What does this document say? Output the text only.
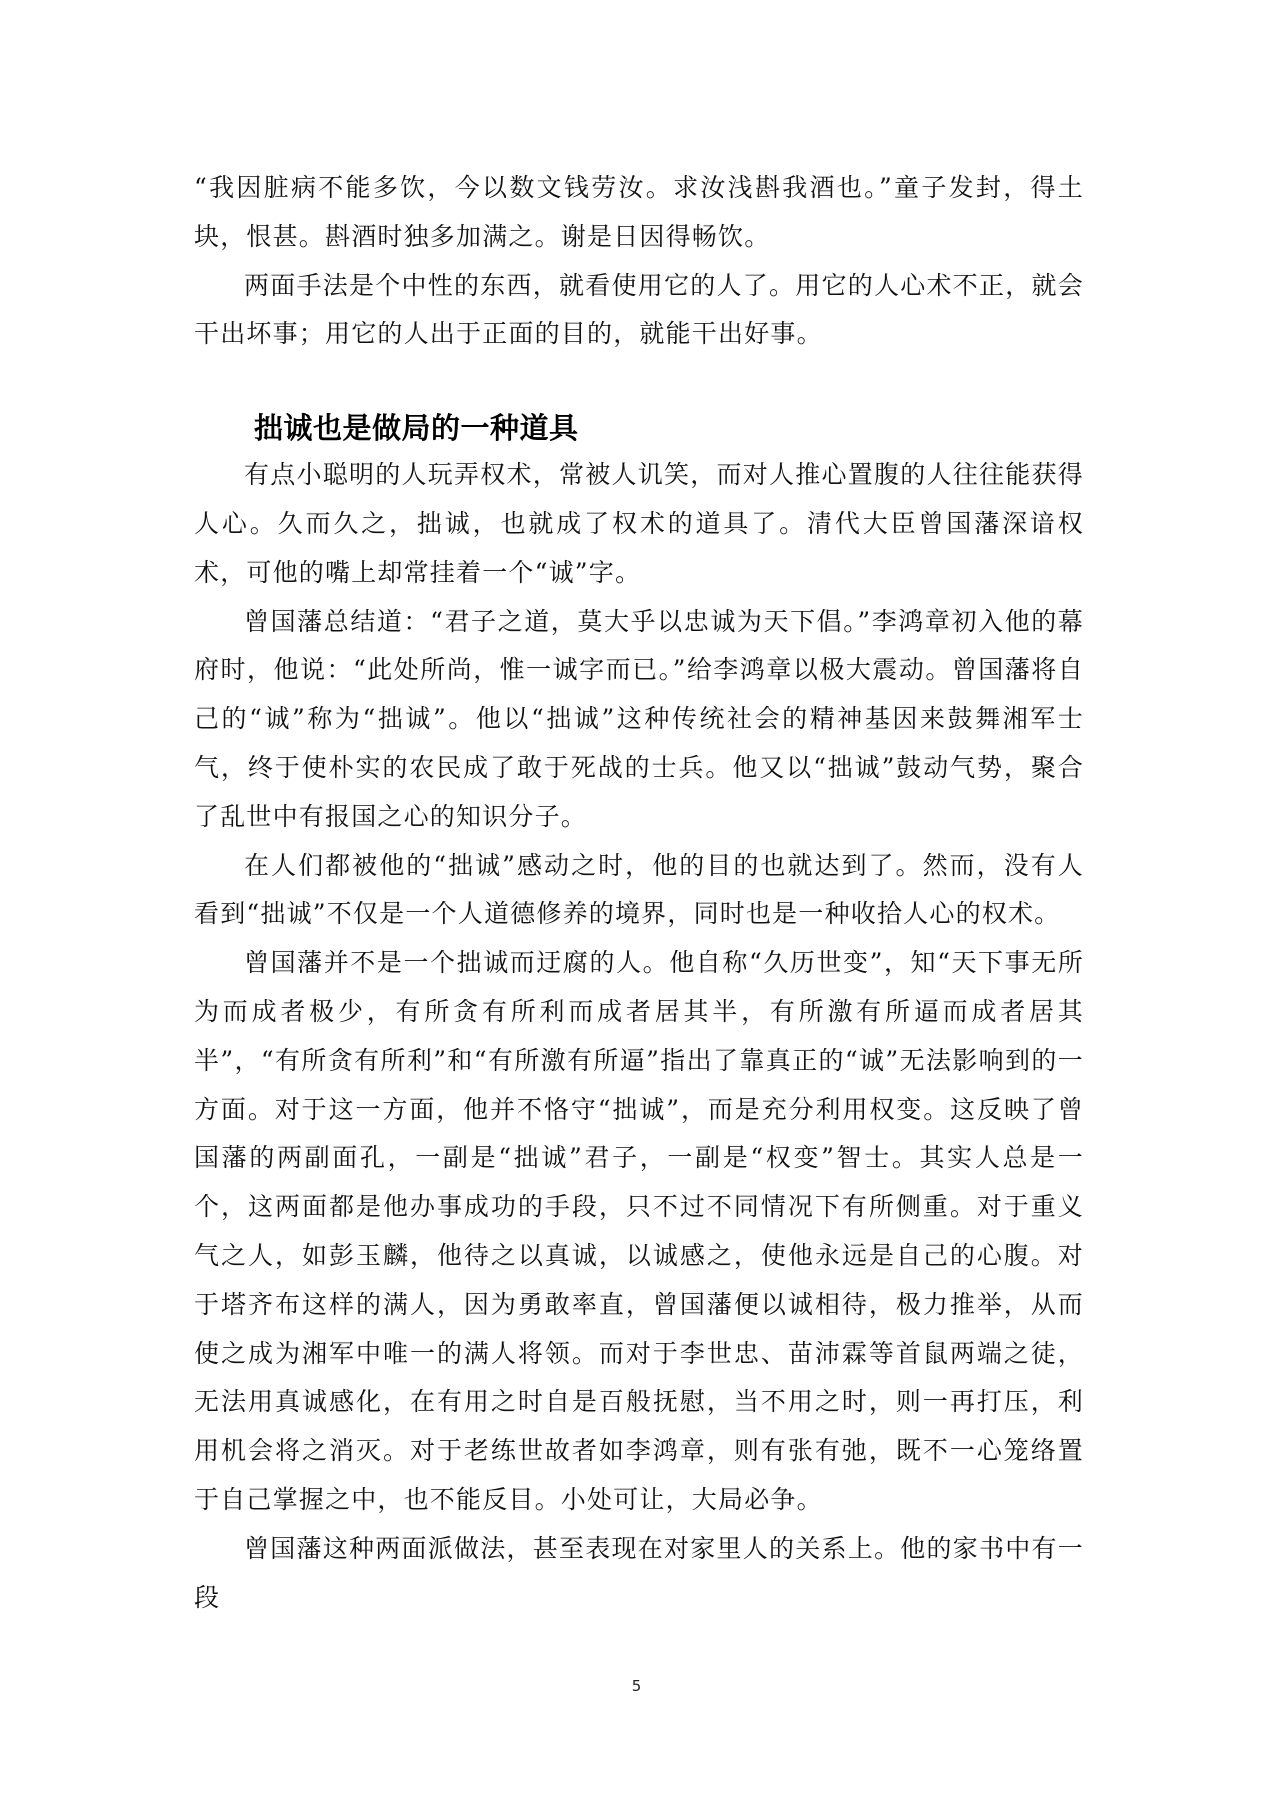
“我因脏病不能多饮，今以数文钱劳汝。求汝浅斟我酒也。”童子发封，得土块，恨甚。斟酒时独多加满之。谢是日因得畅饮。

两面手法是个中性的东西，就看使用它的人了。用它的人心术不正，就会干出坏事；用它的人出于正面的目的，就能干出好事。

拙诚也是做局的一种道具

有点小聪明的人玩弄权术，常被人讥笑，而对人推心置腹的人往往能获得人心。久而久之，拙诚，也就成了权术的道具了。清代大臣曾国藩深谙权术，可他的嘴上却常挂着一个“诚”字。

曾国藩总结道：“君子之道，莫大乎以忠诚为天下倡。”李鸿章初入他的幕府时，他说：“此处所尚，惟一诚字而已。”给李鸿章以极大震动。曾国藩将自己的“诚”称为“拙诚”。他以“拙诚”这种传统社会的精神基因来鼓舞湘军士气，终于使朴实的农民成了敢于死战的士兵。他又以“拙诚”鼓动气势，聚合了乱世中有报国之心的知识分子。

在人们都被他的“拙诚”感动之时，他的目的也就达到了。然而，没有人看到“拙诚”不仅是一个人道德修养的境界，同时也是一种收拾人心的权术。

曾国藩并不是一个拙诚而迂腐的人。他自称“久历世变”，知“天下事无所为而成者极少，有所贪有所利而成者居其半，有所激有所逼而成者居其半”，“有所贪有所利”和“有所激有所逼”指出了靠真正的“诚”无法影响到的一方面。对于这一方面，他并不恪守“拙诚”，而是充分利用权变。这反映了曾国藩的两副面孔，一副是“拙诚”君子，一副是“权变”智士。其实人总是一个，这两面都是他办事成功的手段，只不过不同情况下有所侧重。对于重义气之人，如彭玉麟，他待之以真诚，以诚感之，使他永远是自己的心腹。对于塔齐布这样的满人，因为勇敢率直，曾国藩便以诚相待，极力推举，从而使之成为湘军中唯一的满人将领。而对于李世忠、苗沛霖等首鼠两端之徒，无法用真诚感化，在有用之时自是百般抚慰，当不用之时，则一再打压，利用机会将之消灭。对于老练世故者如李鸿章，则有张有弛，既不一心笼络置于自己掌握之中，也不能反目。小处可让，大局必争。

曾国藩这种两面派做法，甚至表现在对家里人的关系上。他的家书中有一段

5
